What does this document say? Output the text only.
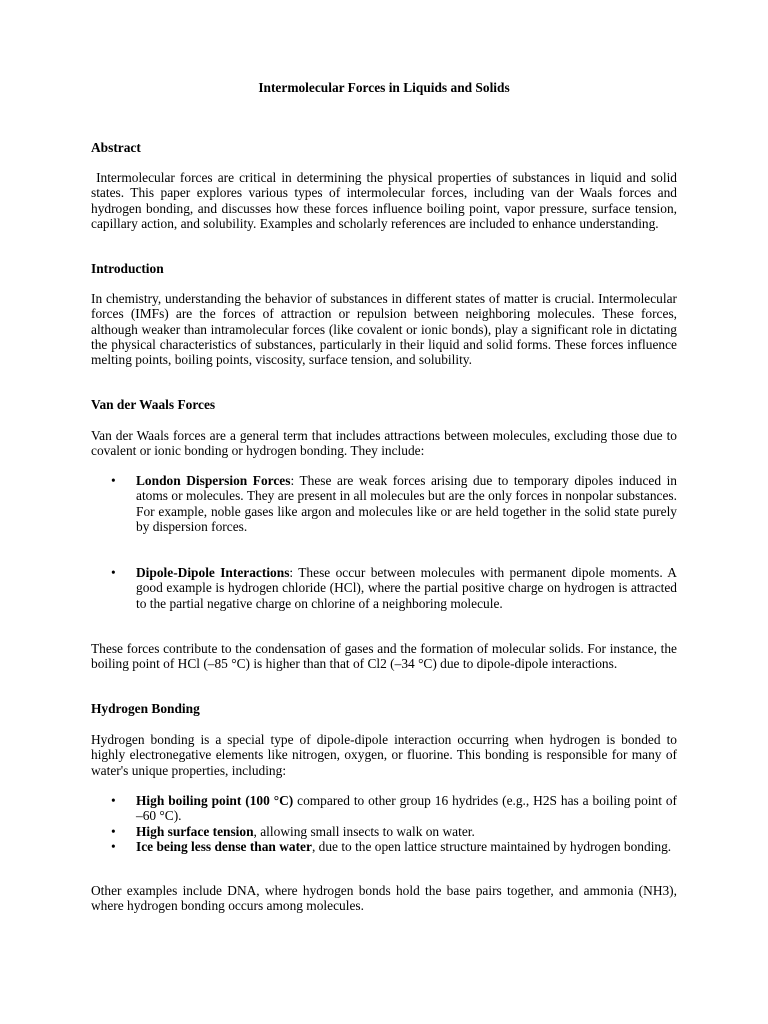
Intermolecular Forces in Liquids and Solids
Abstract

Intermolecular forces are critical in determining the physical properties of substances in liquid and solid states. This paper explores various types of intermolecular forces, including van der Waals forces and hydrogen bonding, and discusses how these forces influence boiling point, vapor pressure, surface tension, capillary action, and solubility. Examples and scholarly references are included to enhance understanding.

Introduction

In chemistry, understanding the behavior of substances in different states of matter is crucial. Intermolecular forces (IMFs) are the forces of attraction or repulsion between neighboring molecules. These forces, although weaker than intramolecular forces (like covalent or ionic bonds), play a significant role in dictating the physical characteristics of substances, particularly in their liquid and solid forms. These forces influence melting points, boiling points, viscosity, surface tension, and solubility.

Van der Waals Forces

Van der Waals forces are a general term that includes attractions between molecules, excluding those due to covalent or ionic bonding or hydrogen bonding. They include:

• London Dispersion Forces: These are weak forces arising due to temporary dipoles induced in atoms or molecules. They are present in all molecules but are the only forces in nonpolar substances. For example, noble gases like argon and molecules like or are held together in the solid state purely by dispersion forces.
• Dipole-Dipole Interactions: These occur between molecules with permanent dipole moments. A good example is hydrogen chloride (HCl), where the partial positive charge on hydrogen is attracted to the partial negative charge on chlorine of a neighboring molecule.

These forces contribute to the condensation of gases and the formation of molecular solids. For instance, the boiling point of HCl (–85 °C) is higher than that of Cl2 (–34 °C) due to dipole-dipole interactions.

Hydrogen Bonding

Hydrogen bonding is a special type of dipole-dipole interaction occurring when hydrogen is bonded to highly electronegative elements like nitrogen, oxygen, or fluorine. This bonding is responsible for many of water's unique properties, including:

• High boiling point (100 °C) compared to other group 16 hydrides (e.g., H2S has a boiling point of –60 °C).
• High surface tension, allowing small insects to walk on water.
• Ice being less dense than water, due to the open lattice structure maintained by hydrogen bonding.

Other examples include DNA, where hydrogen bonds hold the base pairs together, and ammonia (NH3), where hydrogen bonding occurs among molecules.
